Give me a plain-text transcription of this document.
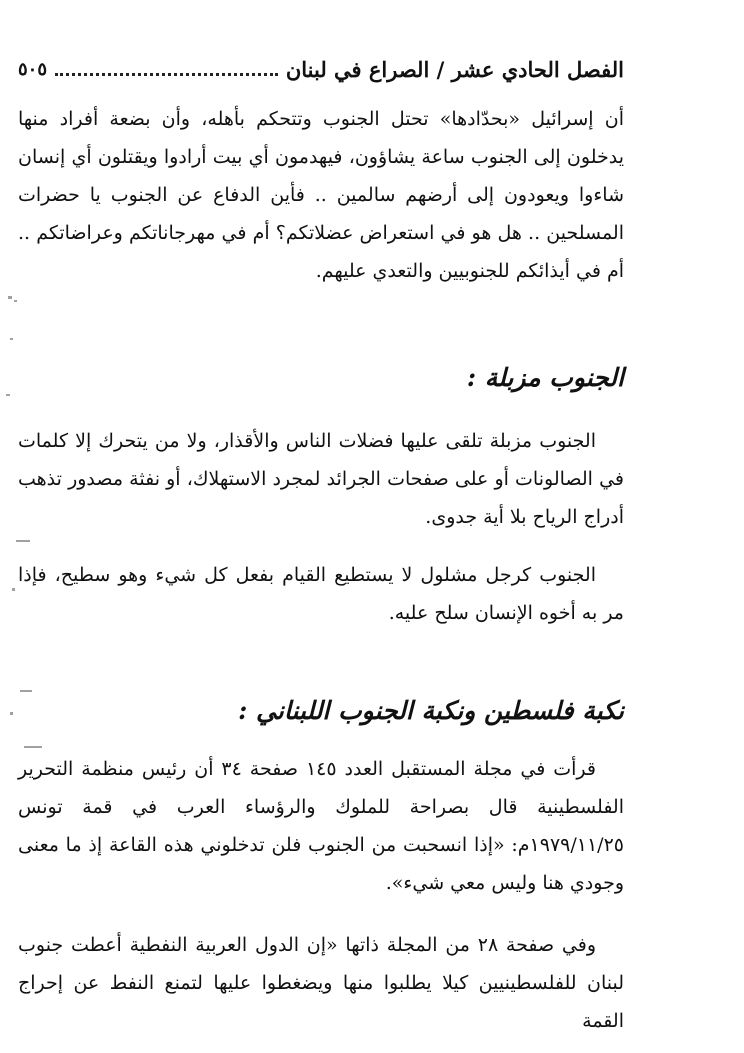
الفصل الحادي عشر / الصراع في لبنان
٥٠٥

أن إسرائيل «بحدّادها» تحتل الجنوب وتتحكم بأهله، وأن بضعة أفراد منها يدخلون إلى الجنوب ساعة يشاؤون، فيهدمون أي بيت أرادوا ويقتلون أي إنسان شاءوا ويعودون إلى أرضهم سالمين .. فأين الدفاع عن الجنوب يا حضرات المسلحين .. هل هو في استعراض عضلاتكم؟ أم في مهرجاناتكم وعراضاتكم .. أم في أيذائكم للجنوبيين والتعدي عليهم.

الجنوب مزبلة :

الجنوب مزبلة تلقى عليها فضلات الناس والأقذار، ولا من يتحرك إلا كلمات في الصالونات أو على صفحات الجرائد لمجرد الاستهلاك، أو نفثة مصدور تذهب أدراج الرياح بلا أية جدوى.

الجنوب كرجل مشلول لا يستطيع القيام بفعل كل شيء وهو سطيح، فإذا مر به أخوه الإنسان سلح عليه.

نكبة فلسطين ونكبة الجنوب اللبناني :

قرأت في مجلة المستقبل العدد ١٤٥ صفحة ٣٤ أن رئيس منظمة التحرير الفلسطينية قال بصراحة للملوك والرؤساء العرب في قمة تونس ١٩٧٩/١١/٢٥م: «إذا انسحبت من الجنوب فلن تدخلوني هذه القاعة إذ ما معنى وجودي هنا وليس معي شيء».

وفي صفحة ٢٨ من المجلة ذاتها «إن الدول العربية النفطية أعطت جنوب لبنان للفلسطينيين كيلا يطلبوا منها ويضغطوا عليها لتمنع النفط عن إحراج القمة
